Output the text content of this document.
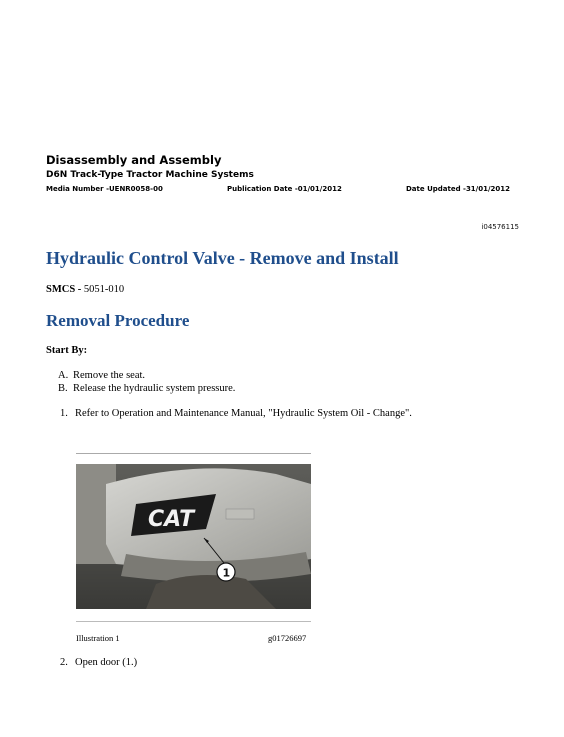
Disassembly and Assembly
D6N Track-Type Tractor Machine Systems
Media Number -UENR0058-00	Publication Date -01/01/2012	Date Updated -31/01/2012
i04576115
Hydraulic Control Valve - Remove and Install
SMCS - 5051-010
Removal Procedure
Start By:
A. Remove the seat.
B. Release the hydraulic system pressure.
1. Refer to Operation and Maintenance Manual, "Hydraulic System Oil - Change".
CAT
1
Illustration 1	g01726697
2. Open door (1.)
